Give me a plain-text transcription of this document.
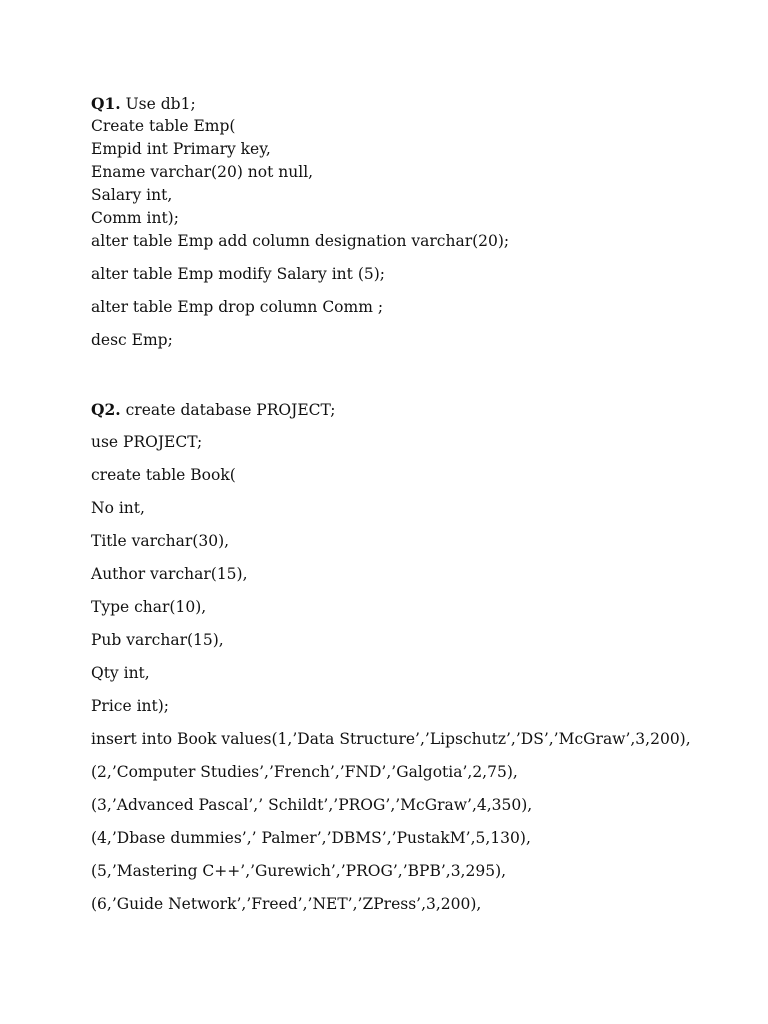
Q1. Use db1;
Create table Emp(
Empid int Primary key,
Ename varchar(20) not null,
Salary int,
Comm int);
alter table Emp add column designation varchar(20);
alter table Emp modify Salary int (5);
alter table Emp drop column Comm ;
desc Emp;
Q2. create database PROJECT;
use PROJECT;
create table Book(
No int,
Title varchar(30),
Author varchar(15),
Type char(10),
Pub varchar(15),
Qty int,
Price int);
insert into Book values(1,’Data Structure’,’Lipschutz’,’DS’,’McGraw’,3,200),
(2,’Computer Studies’,’French’,’FND’,’Galgotia’,2,75),
(3,’Advanced Pascal’,’ Schildt’,’PROG’,’McGraw’,4,350),
(4,’Dbase dummies’,’ Palmer’,’DBMS’,’PustakM’,5,130),
(5,’Mastering C++’,’Gurewich’,’PROG’,’BPB’,3,295),
(6,’Guide Network’,’Freed’,’NET’,’ZPress’,3,200),
